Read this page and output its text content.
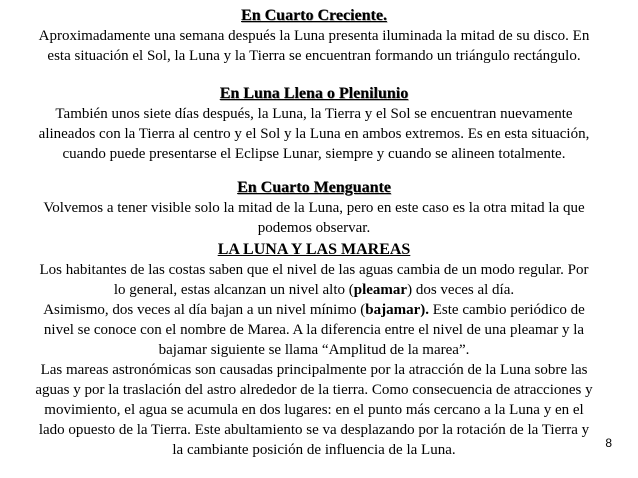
En Cuarto Creciente.
Aproximadamente una semana después la Luna presenta iluminada la mitad de su disco. En esta situación el Sol, la Luna y la Tierra se encuentran formando un triángulo rectángulo.
En Luna Llena o Plenilunio
También unos siete días después, la Luna, la Tierra y el Sol se encuentran nuevamente alineados con la Tierra al centro y el Sol y la Luna en ambos extremos. Es en esta situación, cuando puede presentarse el Eclipse Lunar, siempre y cuando se alineen totalmente.
En Cuarto Menguante
Volvemos a tener visible solo la mitad de la Luna, pero en este caso es la otra mitad la que podemos observar.
LA LUNA Y LAS MAREAS
Los habitantes de las costas saben que el nivel de las aguas cambia de un modo regular. Por lo general, estas alcanzan un nivel alto (pleamar) dos veces al día.
Asimismo, dos veces al día bajan a un nivel mínimo (bajamar). Este cambio periódico de nivel se conoce con el nombre de Marea. A la diferencia entre el nivel de una pleamar y la bajamar siguiente se llama “Amplitud de la marea”.
Las mareas astronómicas son causadas principalmente por la atracción de la Luna sobre las aguas y por la traslación del astro alrededor de la tierra. Como consecuencia de atracciones y movimiento, el agua se acumula en dos lugares: en el punto más cercano a la Luna y en el lado opuesto de la Tierra. Este abultamiento se va desplazando por la rotación de la Tierra y la cambiante posición de influencia de la Luna.	8
